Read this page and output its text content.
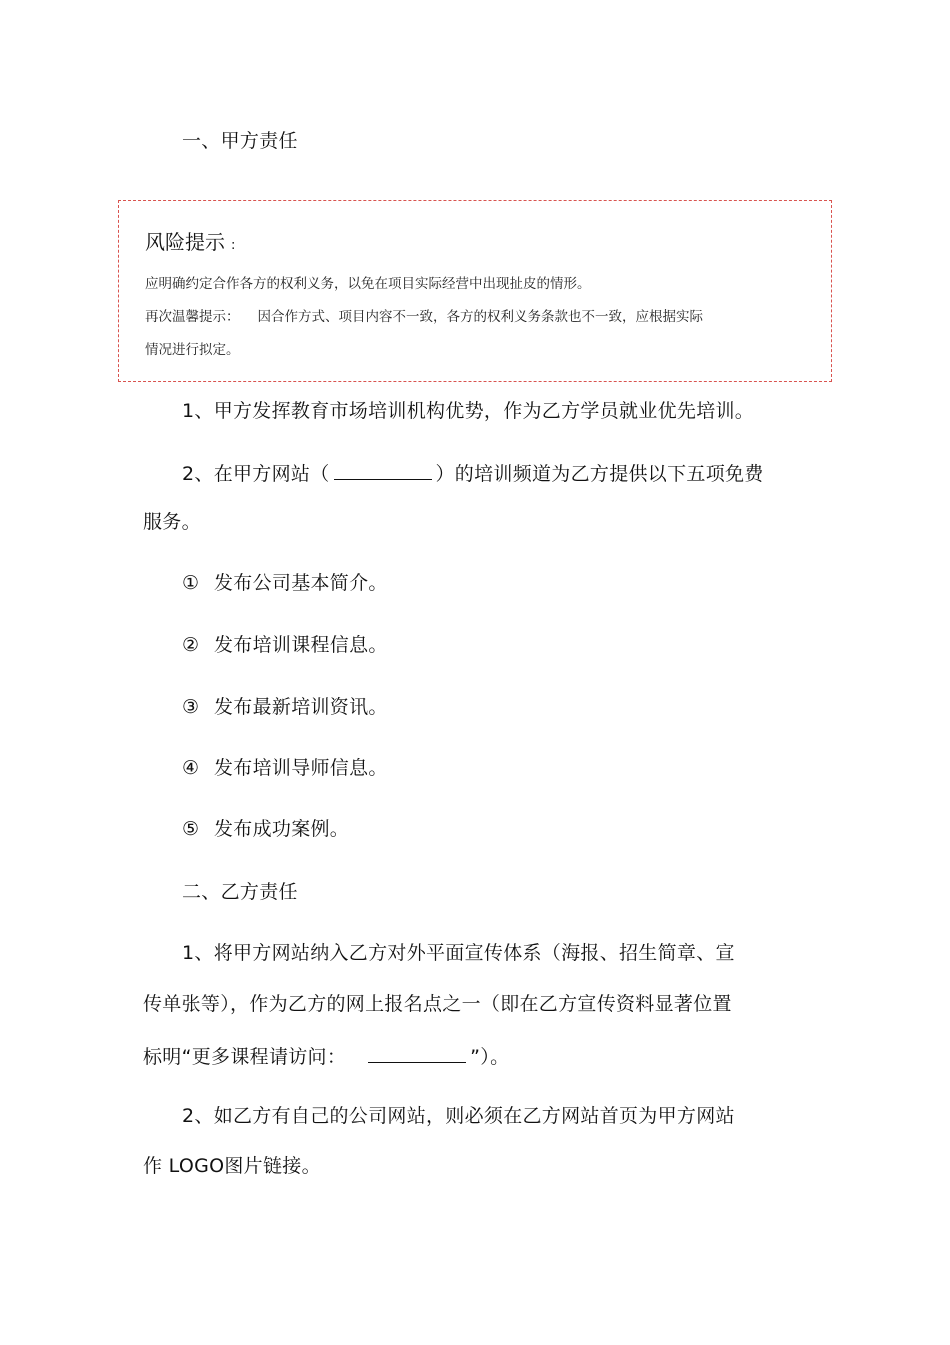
一、甲方责任
风险提示 :
应明确约定合作各方的权利义务，以免在项目实际经营中出现扯皮的情形。
再次温馨提示： 因合作方式、项目内容不一致，各方的权利义务条款也不一致，应根据实际
情况进行拟定。
1、甲方发挥教育市场培训机构优势，作为乙方学员就业优先培训。
2、在甲方网站（	）的培训频道为乙方提供以下五项免费
服务。
① 发布公司基本简介。
② 发布培训课程信息。
③ 发布最新培训资讯。
④ 发布培训导师信息。
⑤ 发布成功案例。
二、乙方责任
1、将甲方网站纳入乙方对外平面宣传体系（海报、招生简章、宣
传单张等），作为乙方的网上报名点之一（即在乙方宣传资料显著位置
标明“更多课程请访问：	”）。
2、如乙方有自己的公司网站，则必须在乙方网站首页为甲方网站
作 LOGO图片链接。
